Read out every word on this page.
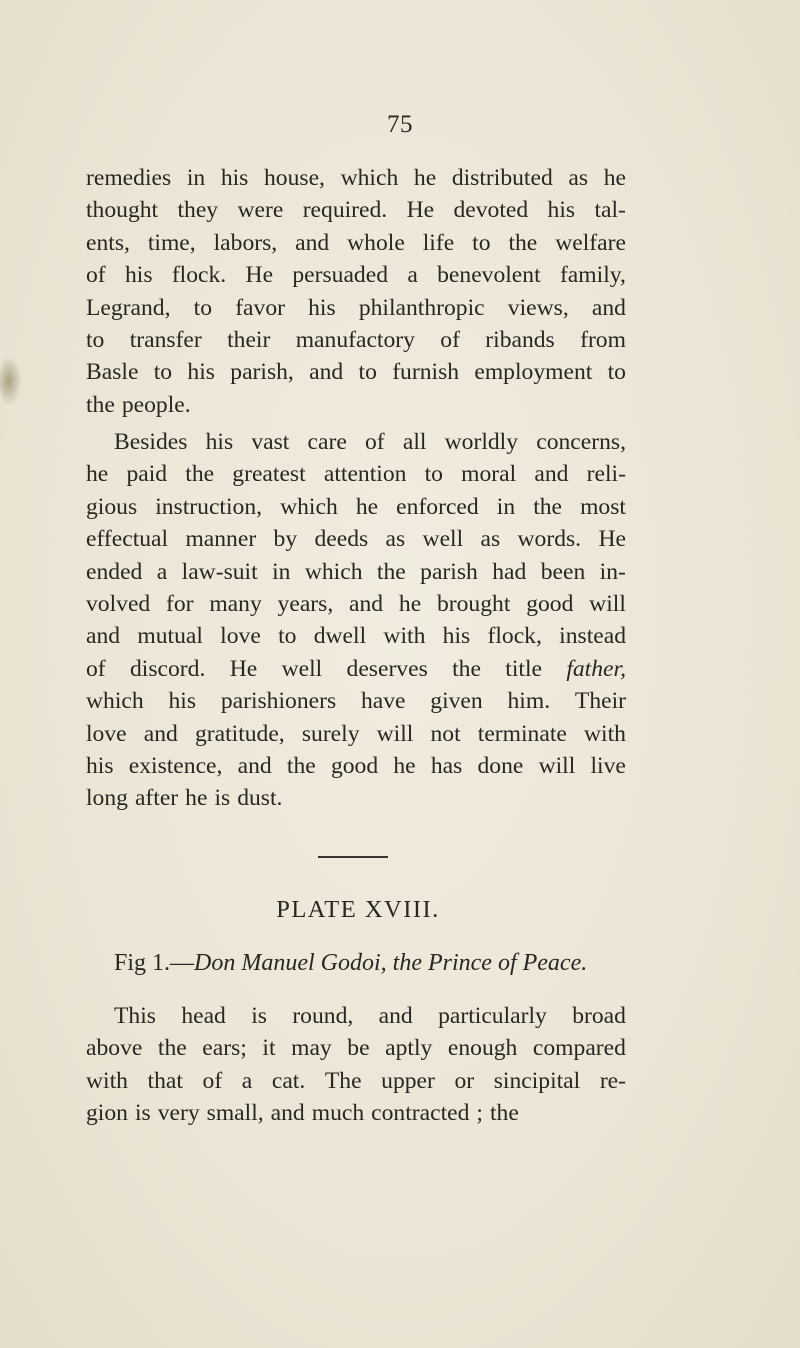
75
remedies in his house, which he distributed as he
thought they were required. He devoted his tal-
ents, time, labors, and whole life to the welfare
of his flock. He persuaded a benevolent family,
Legrand, to favor his philanthropic views, and
to transfer their manufactory of ribands from
Basle to his parish, and to furnish employment to
the people.
Besides his vast care of all worldly concerns,
he paid the greatest attention to moral and reli-
gious instruction, which he enforced in the most
effectual manner by deeds as well as words. He
ended a law-suit in which the parish had been in-
volved for many years, and he brought good will
and mutual love to dwell with his flock, instead
of discord. He well deserves the title father,
which his parishioners have given him. Their
love and gratitude, surely will not terminate with
his existence, and the good he has done will live
long after he is dust.
PLATE XVIII.
Fig 1.—Don Manuel Godoi, the Prince of Peace.
This head is round, and particularly broad
above the ears; it may be aptly enough compared
with that of a cat. The upper or sincipital re-
gion is very small, and much contracted ; the
